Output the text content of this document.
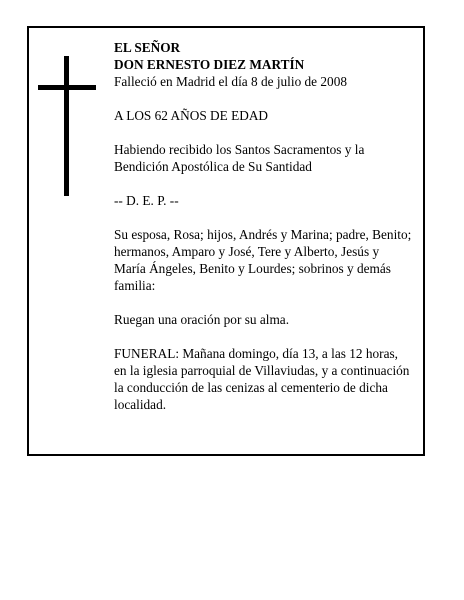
EL SEÑOR
DON ERNESTO DIEZ MARTÍN
Falleció en Madrid el día 8 de julio de 2008
A LOS 62 AÑOS DE EDAD
Habiendo recibido los Santos Sacramentos y la
Bendición Apostólica de Su Santidad
-- D. E. P. --
Su esposa, Rosa; hijos, Andrés y Marina; padre, Benito;
hermanos, Amparo y José, Tere y Alberto, Jesús y
María Ángeles, Benito y Lourdes; sobrinos y demás
familia:
Ruegan una oración por su alma.
FUNERAL: Mañana domingo, día 13, a las 12 horas,
en la iglesia parroquial de Villaviudas, y a continuación
la conducción de las cenizas al cementerio de dicha
localidad.
